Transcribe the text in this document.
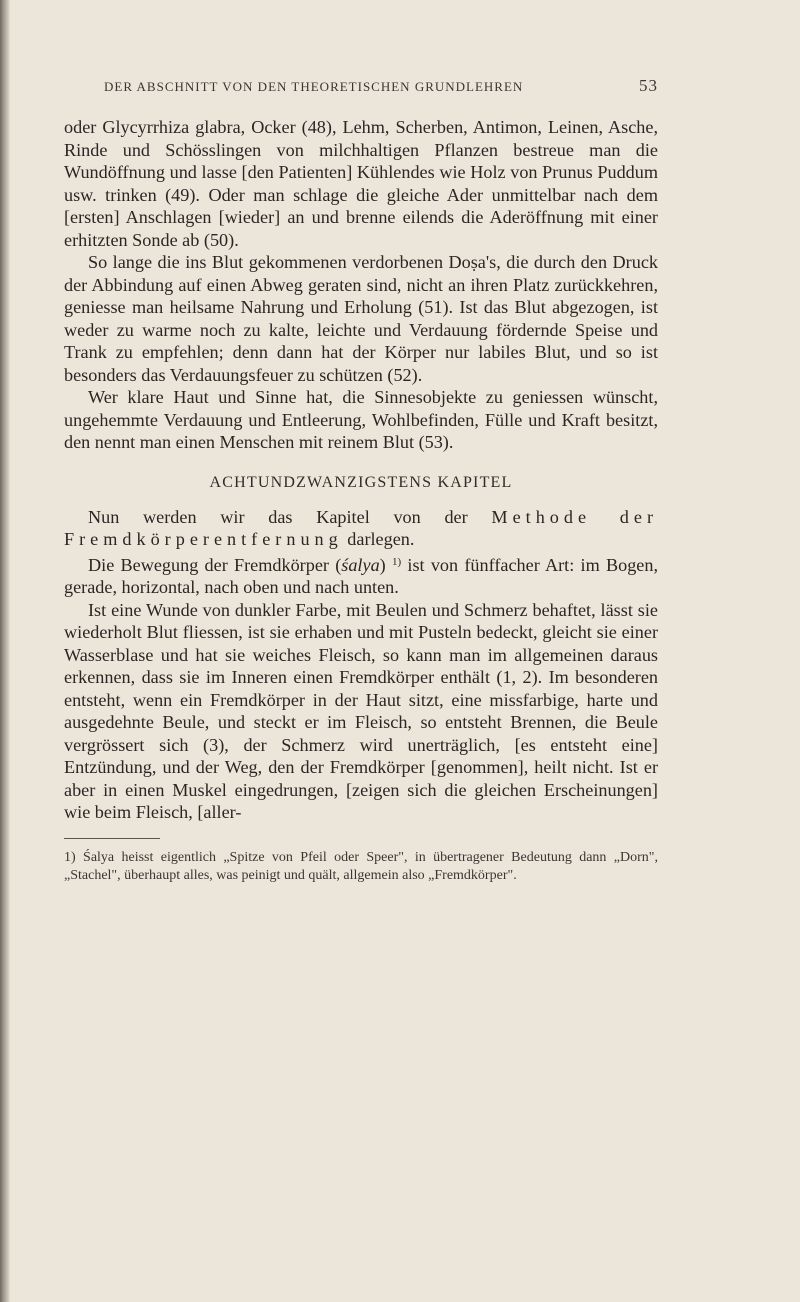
DER ABSCHNITT VON DEN THEORETISCHEN GRUNDLEHREN	53

oder Glycyrrhiza glabra, Ocker (48), Lehm, Scherben, Antimon, Leinen, Asche, Rinde und Schösslingen von milchhaltigen Pflanzen bestreue man die Wundöffnung und lasse [den Patienten] Kühlendes wie Holz von Prunus Puddum usw. trinken (49). Oder man schlage die gleiche Ader unmittelbar nach dem [ersten] Anschlagen [wieder] an und brenne eilends die Aderöffnung mit einer erhitzten Sonde ab (50).

So lange die ins Blut gekommenen verdorbenen Doṣa's, die durch den Druck der Abbindung auf einen Abweg geraten sind, nicht an ihren Platz zurückkehren, geniesse man heilsame Nahrung und Erholung (51). Ist das Blut abgezogen, ist weder zu warme noch zu kalte, leichte und Verdauung fördernde Speise und Trank zu empfehlen; denn dann hat der Körper nur labiles Blut, und so ist besonders das Verdauungsfeuer zu schützen (52).

Wer klare Haut und Sinne hat, die Sinnesobjekte zu geniessen wünscht, ungehemmte Verdauung und Entleerung, Wohlbefinden, Fülle und Kraft besitzt, den nennt man einen Menschen mit reinem Blut (53).

ACHTUNDZWANZIGSTENS KAPITEL

Nun werden wir das Kapitel von der Methode der Fremdkörperentfernung darlegen.

Die Bewegung der Fremdkörper (śalya) $^{1)}$ ist von fünffacher Art: im Bogen, gerade, horizontal, nach oben und nach unten.

Ist eine Wunde von dunkler Farbe, mit Beulen und Schmerz behaftet, lässt sie wiederholt Blut fliessen, ist sie erhaben und mit Pusteln bedeckt, gleicht sie einer Wasserblase und hat sie weiches Fleisch, so kann man im allgemeinen daraus erkennen, dass sie im Inneren einen Fremdkörper enthält (1, 2). Im besonderen entsteht, wenn ein Fremdkörper in der Haut sitzt, eine missfarbige, harte und ausgedehnte Beule, und steckt er im Fleisch, so entsteht Brennen, die Beule vergrössert sich (3), der Schmerz wird unerträglich, [es entsteht eine] Entzündung, und der Weg, den der Fremdkörper [genommen], heilt nicht. Ist er aber in einen Muskel eingedrungen, [zeigen sich die gleichen Erscheinungen] wie beim Fleisch, [aller-

1) Śalya heisst eigentlich „Spitze von Pfeil oder Speer", in übertragener Bedeutung dann „Dorn", „Stachel", überhaupt alles, was peinigt und quält, allgemein also „Fremdkörper".
